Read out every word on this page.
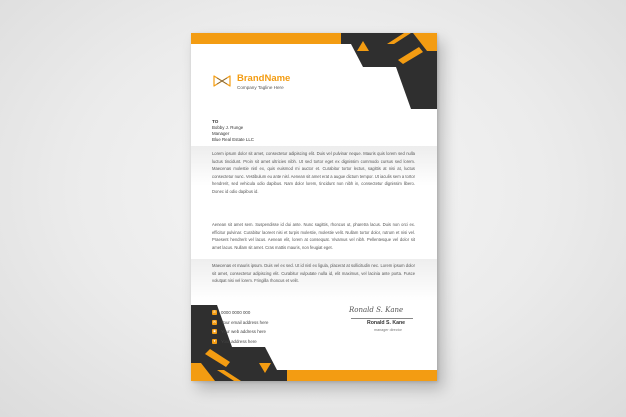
BrandName
Company Tagline Here
TO
Bobby J. Runge
Manager
Blue Real Estate LLC
Lorem ipsum dolor sit amet, consectetur adipiscing elit. Duis vel pulvinar neque. Mauris quis lorem sed nulla luctus tincidunt. Proin sit amet ultricies nibh. Ut sed tortor eget ex dignissim commodo cursus sed lorem. Maecenas molestie nisl ex, quis euismod mi auctor et. Curabitur tortor lectus, sagittis at nisi at, luctus consectetur nunc. Vestibulum eu ante nisl. Aenean sit amet erat a augue dictum tempor. Ut iaculis sem a tortor hendrerit, sed vehicula odio dapibus. Nam dolor lorem, tincidunt non nibh in, consectetur dignissim libero. Donec id odio dapibus id.
Aenean sit amet sem. Suspendisse id dui ante. Nunc sagittis, rhoncus ut, pharetra lacus. Duis non orci ex. efficitur pulvinar. Curabitur laoreet nisi et turpis molestie, molestie velit. Nullam tortor dolor, rutrum et nisi vel. Praesent hendrerit vel lacus. Aenean elit, lorem at consequat. Vivamus vel nibh. Pellentesque vel dolor sit amet lacus. Nullam sit amet. Cras mattis mauris, non feugiat eget.
Maecenas et mauris ipsum. Duis vel ex sed. Ut id nisl ex ligula, placerat at sollicitudin nec. Lorem ipsum dolor sit amet, consectetur adipiscing elit. Curabitur vulputate nulla id, elit maximus, vel lacinia ante porta. Fusce volutpat nisi vel lorem. Fringilla rhoncus et velit.
✆ 0000 0000 000
✉ Your email address here
◉ Your web address here
▾	Your address here
Ronald S. Kane
Ronald S. Kane
manager director
